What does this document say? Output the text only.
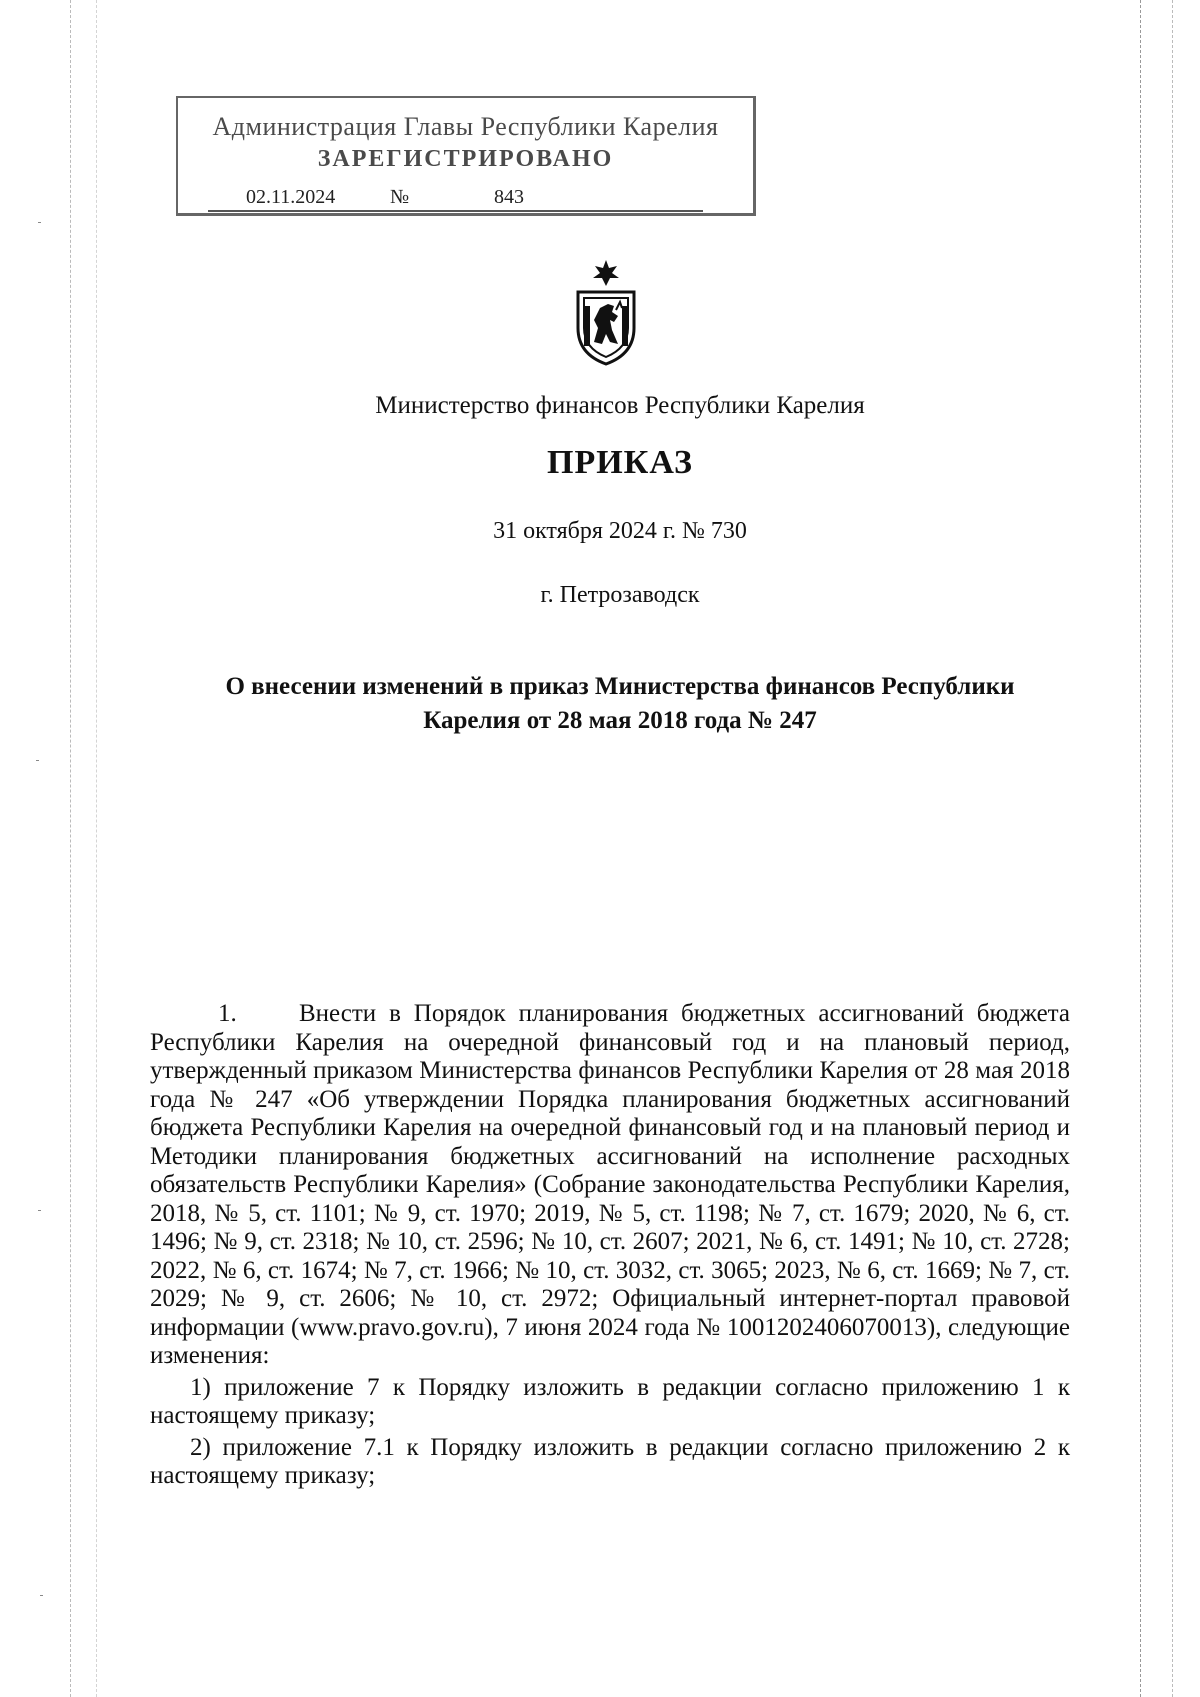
Администрация Главы Республики Карелия
ЗАРЕГИСТРИРОВАНО
02.11.2024	№	843
Министерство финансов Республики Карелия
ПРИКАЗ
31 октября 2024 г. № 730
г. Петрозаводск
О внесении изменений в приказ Министерства финансов Республики
Карелия от 28 мая 2018 года № 247

1. Внести в Порядок планирования бюджетных ассигнований бюджета Республики Карелия на очередной финансовый год и на плановый период, утвержденный приказом Министерства финансов Республики Карелия от 28 мая 2018 года № 247 «Об утверждении Порядка планирования бюджетных ассигнований бюджета Республики Карелия на очередной финансовый год и на плановый период и Методики планирования бюджетных ассигнований на исполнение расходных обязательств Республики Карелия» (Собрание законодательства Республики Карелия, 2018, № 5, ст. 1101; № 9, ст. 1970; 2019, № 5, ст. 1198; № 7, ст. 1679; 2020, № 6, ст. 1496; № 9, ст. 2318; № 10, ст. 2596; № 10, ст. 2607; 2021, № 6, ст. 1491; № 10, ст. 2728; 2022, № 6, ст. 1674; № 7, ст. 1966; № 10, ст. 3032, ст. 3065; 2023, № 6, ст. 1669; № 7, ст. 2029; № 9, ст. 2606; № 10, ст. 2972; Официальный интернет-портал правовой информации (www.pravo.gov.ru), 7 июня 2024 года № 1001202406070013), следующие изменения:

1) приложение 7 к Порядку изложить в редакции согласно приложению 1 к настоящему приказу;

2) приложение 7.1 к Порядку изложить в редакции согласно приложению 2 к настоящему приказу;
